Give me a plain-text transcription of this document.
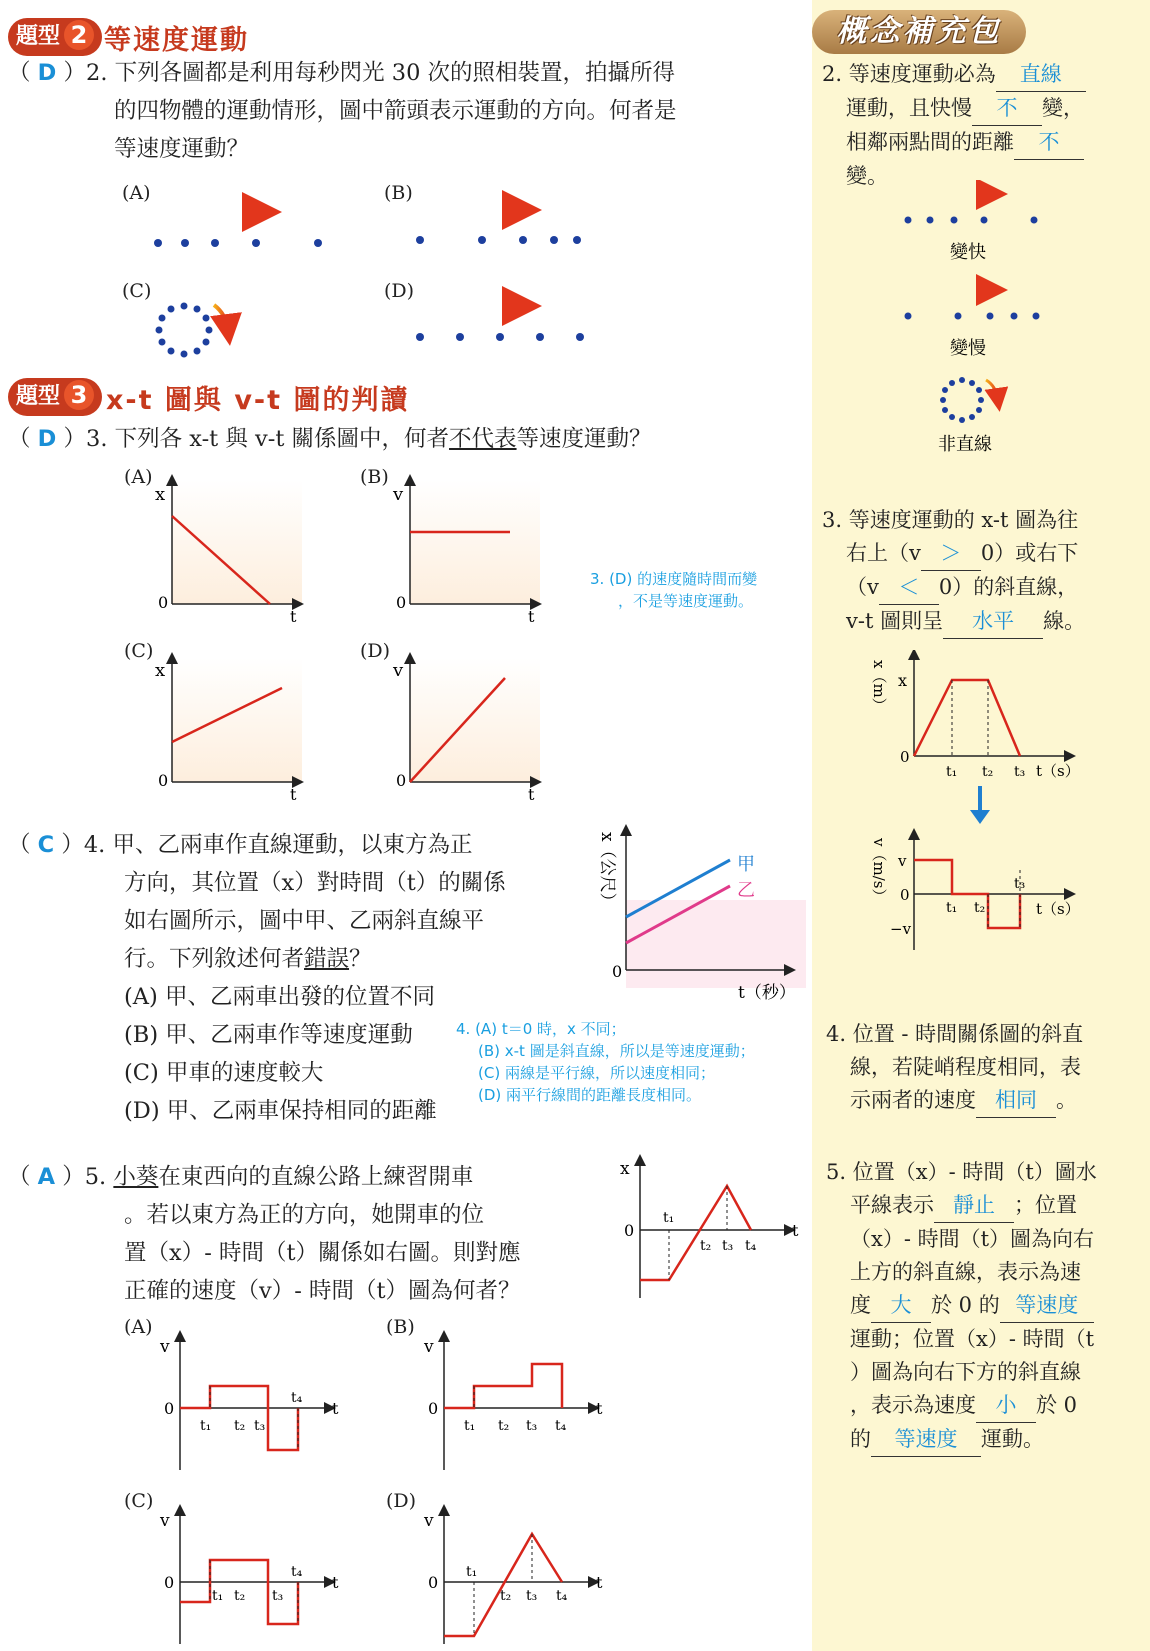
概念補充包
題型 2 等速度運動
（ D ）2. 下列各圖都是利用每秒閃光 30 次的照相裝置，拍攝所得
的四物體的運動情形，圖中箭頭表示運動的方向。何者是
等速度運動？
(A)	(B)
(C)	(D)
題型 3 x-t 圖與 v-t 圖的判讀
（ D ）3. 下列各 x-t 與 v-t 關係圖中，何者不代表等速度運動？
(A)	(B)
(C)	(D)
3. (D) 的速度隨時間而變
，不是等速度運動。
x
0
t
v
0
t
x
0
t
v
0
t
（ C ）4. 甲、乙兩車作直線運動，以東方為正
方向，其位置（x）對時間（t）的關係
如右圖所示，圖中甲、乙兩斜直線平
行。下列敘述何者錯誤？
(A) 甲、乙兩車出發的位置不同
(B) 甲、乙兩車作等速度運動
(C) 甲車的速度較大
(D) 甲、乙兩車保持相同的距離
4. (A) t＝0 時，x 不同；
(B) x-t 圖是斜直線，所以是等速度運動；
(C) 兩線是平行線，所以速度相同；
(D) 兩平行線間的距離長度相同。
甲
乙
0
t（秒）
x（公尺）
（ A ）5. 小葵在東西向的直線公路上練習開車
。若以東方為正的方向，她開車的位
置（x）- 時間（t）關係如右圖。則對應
正確的速度（v）- 時間（t）圖為何者？
(A)	(B)
(C)	(D)
x
0	t
t₁
t₂ t₃ t₄
v
0	t
t₁ t₂ t₃
t₄
v
0	t
t₁ t₂ t₃ t₄
v
0	t
t₁ t₂ t₃
t₄
v
0	t
t₁
t₂ t₃ t₄
2. 等速度運動必為 直線
運動，且快慢 不 變，
相鄰兩點間的距離 不
變。
變快
變慢
非直線
3. 等速度運動的 x-t 圖為往
右上（v ＞ 0）或右下
（v ＜ 0）的斜直線，
v-t 圖則呈 水平 線。
x
0
t₁ t₂ t₃ t（s）
x（m）
v
0
−v
t₁ t₂
t₃
t（s）
v（m/s）
4. 位置 - 時間關係圖的斜直
線，若陡峭程度相同，表
示兩者的速度 相同 。
5. 位置（x）- 時間（t）圖水
平線表示 靜止 ；位置
（x）- 時間（t）圖為向右
上方的斜直線，表示為速
度 大 於 0 的 等速度
運動；位置（x）- 時間（t
）圖為向右下方的斜直線
，表示為速度 小 於 0
的 等速度 運動。
